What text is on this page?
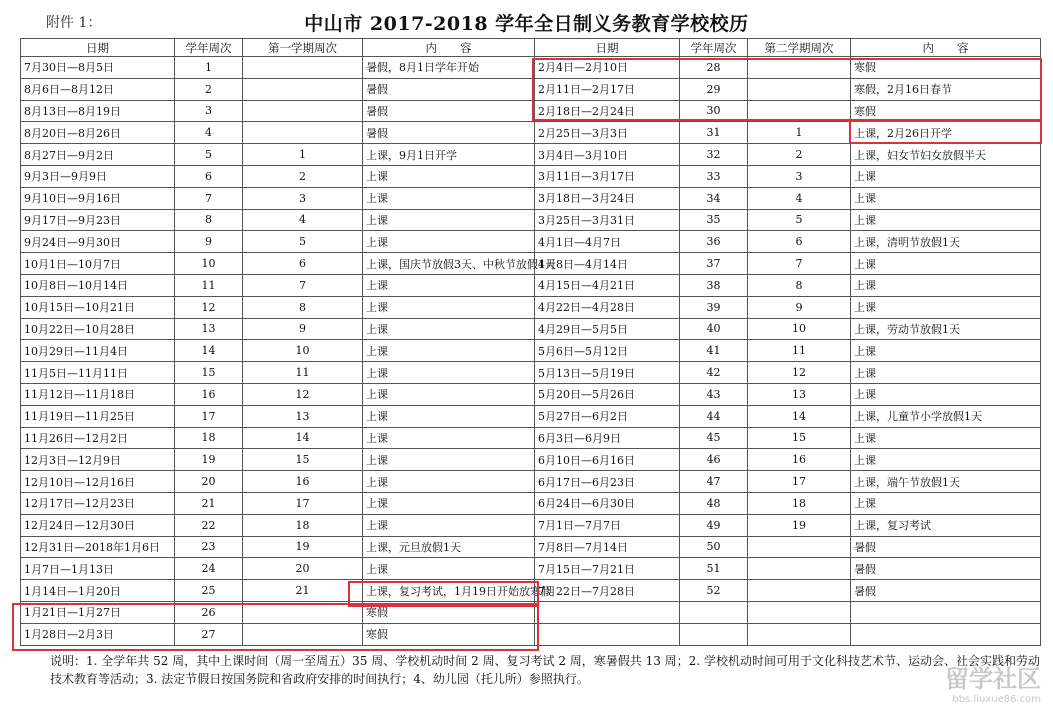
附件 1：	中山市 2017-2018 学年全日制义务教育学校校历
日期	学年周次	第一学期周次	内　　容	日期	学年周次	第二学期周次	内　　容
7月30日—8月5日	1		暑假，8月1日学年开始	2月4日—2月10日	28		寒假
8月6日—8月12日	2		暑假	2月11日—2月17日	29		寒假，2月16日春节
8月13日—8月19日	3		暑假	2月18日—2月24日	30		寒假
8月20日—8月26日	4		暑假	2月25日—3月3日	31	1	上课，2月26日开学
8月27日—9月2日	5	1	上课，9月1日开学	3月4日—3月10日	32	2	上课，妇女节妇女放假半天
9月3日—9月9日	6	2	上课	3月11日—3月17日	33	3	上课
9月10日—9月16日	7	3	上课	3月18日—3月24日	34	4	上课
9月17日—9月23日	8	4	上课	3月25日—3月31日	35	5	上课
9月24日—9月30日	9	5	上课	4月1日—4月7日	36	6	上课，清明节放假1天
10月1日—10月7日	10	6	上课，国庆节放假3天、中秋节放假1天	4月8日—4月14日	37	7	上课
10月8日—10月14日	11	7	上课	4月15日—4月21日	38	8	上课
10月15日—10月21日	12	8	上课	4月22日—4月28日	39	9	上课
10月22日—10月28日	13	9	上课	4月29日—5月5日	40	10	上课，劳动节放假1天
10月29日—11月4日	14	10	上课	5月6日—5月12日	41	11	上课
11月5日—11月11日	15	11	上课	5月13日—5月19日	42	12	上课
11月12日—11月18日	16	12	上课	5月20日—5月26日	43	13	上课
11月19日—11月25日	17	13	上课	5月27日—6月2日	44	14	上课，儿童节小学放假1天
11月26日—12月2日	18	14	上课	6月3日—6月9日	45	15	上课
12月3日—12月9日	19	15	上课	6月10日—6月16日	46	16	上课
12月10日—12月16日	20	16	上课	6月17日—6月23日	47	17	上课，端午节放假1天
12月17日—12月23日	21	17	上课	6月24日—6月30日	48	18	上课
12月24日—12月30日	22	18	上课	7月1日—7月7日	49	19	上课，复习考试
12月31日—2018年1月6日	23	19	上课，元旦放假1天	7月8日—7月14日	50		暑假
1月7日—1月13日	24	20	上课	7月15日—7月21日	51		暑假
1月14日—1月20日	25	21	上课，复习考试，1月19日开始放寒假	7月22日—7月28日	52		暑假
1月21日—1月27日	26		寒假				
1月28日—2月3日	27		寒假				
说明：1. 全学年共 52 周，其中上课时间（周一至周五）35 周、学校机动时间 2 周、复习考试 2 周，寒暑假共 13 周；2. 学校机动时间可用于文化科技艺术节、运动会、社会实践和劳动技术教育等活动；3. 法定节假日按国务院和省政府安排的时间执行；4、幼儿园（托儿所）参照执行。	留学社区
bbs.liuxue86.com
